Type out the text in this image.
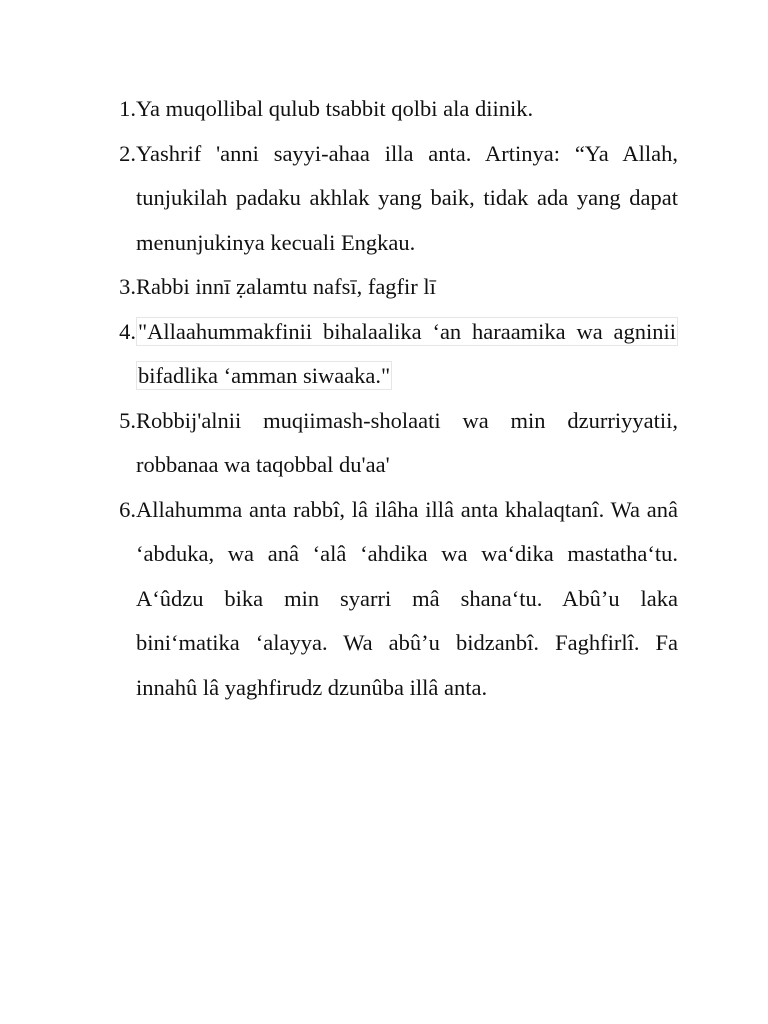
1. Ya muqollibal qulub tsabbit qolbi ala diinik.
2. Yashrif 'anni sayyi-ahaa illa anta. Artinya: “Ya Allah, tunjukilah padaku akhlak yang baik, tidak ada yang dapat menunjukinya kecuali Engkau.
3. Rabbi innī ẓalamtu nafsī, fagfir lī
4. "Allaahummakfinii bihalaalika ‘an haraamika wa agninii bifadlika ‘amman siwaaka."
5. Robbij'alnii muqiimash-sholaati wa min dzurriyyatii, robbanaa wa taqobbal du'aa'
6. Allahumma anta rabbî, lâ ilâha illâ anta khalaqtanî. Wa anâ ‘abduka, wa anâ ‘alâ ‘ahdika wa wa‘dika mastatha‘tu. A‘ûdzu bika min syarri mâ shana‘tu. Abû’u laka bini‘matika ‘alayya. Wa abû’u bidzanbî. Faghfirlî. Fa innahû lâ yaghfirudz dzunûba illâ anta.
